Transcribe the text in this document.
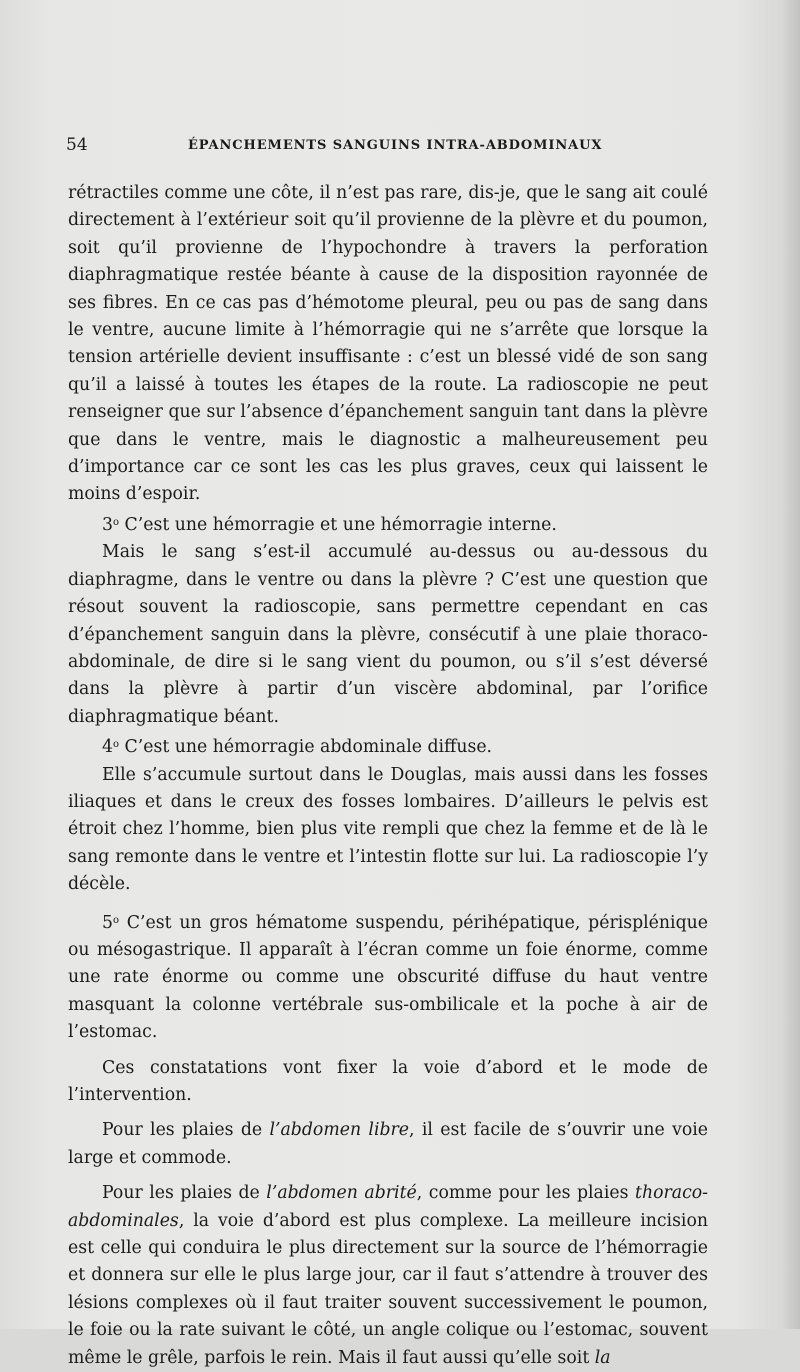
54	ÉPANCHEMENTS SANGUINS INTRA-ABDOMINAUX

rétractiles comme une côte, il n’est pas rare, dis-je, que le sang ait coulé directement à l’extérieur soit qu’il provienne de la plèvre et du poumon, soit qu’il provienne de l’hypochondre à travers la perforation diaphragmatique restée béante à cause de la disposition rayonnée de ses fibres. En ce cas pas d’hémotome pleural, peu ou pas de sang dans le ventre, aucune limite à l’hémorragie qui ne s’arrête que lorsque la tension artérielle devient insuffisante : c’est un blessé vidé de son sang qu’il a laissé à toutes les étapes de la route. La radioscopie ne peut renseigner que sur l’absence d’épanchement sanguin tant dans la plèvre que dans le ventre, mais le diagnostic a malheureusement peu d’importance car ce sont les cas les plus graves, ceux qui laissent le moins d’espoir.

3$^o$ C’est une hémorragie et une hémorragie interne.

Mais le sang s’est-il accumulé au-dessus ou au-dessous du diaphragme, dans le ventre ou dans la plèvre ? C’est une question que résout souvent la radioscopie, sans permettre cependant en cas d’épanchement sanguin dans la plèvre, consécutif à une plaie thoraco-abdominale, de dire si le sang vient du poumon, ou s’il s’est déversé dans la plèvre à partir d’un viscère abdominal, par l’orifice diaphragmatique béant.

4$^o$ C’est une hémorragie abdominale diffuse.

Elle s’accumule surtout dans le Douglas, mais aussi dans les fosses iliaques et dans le creux des fosses lombaires. D’ailleurs le pelvis est étroit chez l’homme, bien plus vite rempli que chez la femme et de là le sang remonte dans le ventre et l’intestin flotte sur lui. La radioscopie l’y décèle.

5$^o$ C’est un gros hématome suspendu, périhépatique, périsplénique ou mésogastrique. Il apparaît à l’écran comme un foie énorme, comme une rate énorme ou comme une obscurité diffuse du haut ventre masquant la colonne vertébrale sus-ombilicale et la poche à air de l’estomac.

Ces constatations vont fixer la voie d’abord et le mode de l’intervention.

Pour les plaies de l’abdomen libre, il est facile de s’ouvrir une voie large et commode.

Pour les plaies de l’abdomen abrité, comme pour les plaies thoraco-abdominales, la voie d’abord est plus complexe. La meilleure incision est celle qui conduira le plus directement sur la source de l’hémorragie et donnera sur elle le plus large jour, car il faut s’attendre à trouver des lésions complexes où il faut traiter souvent successivement le poumon, le foie ou la rate suivant le côté, un angle colique ou l’estomac, souvent même le grêle, parfois le rein. Mais il faut aussi qu’elle soit la
